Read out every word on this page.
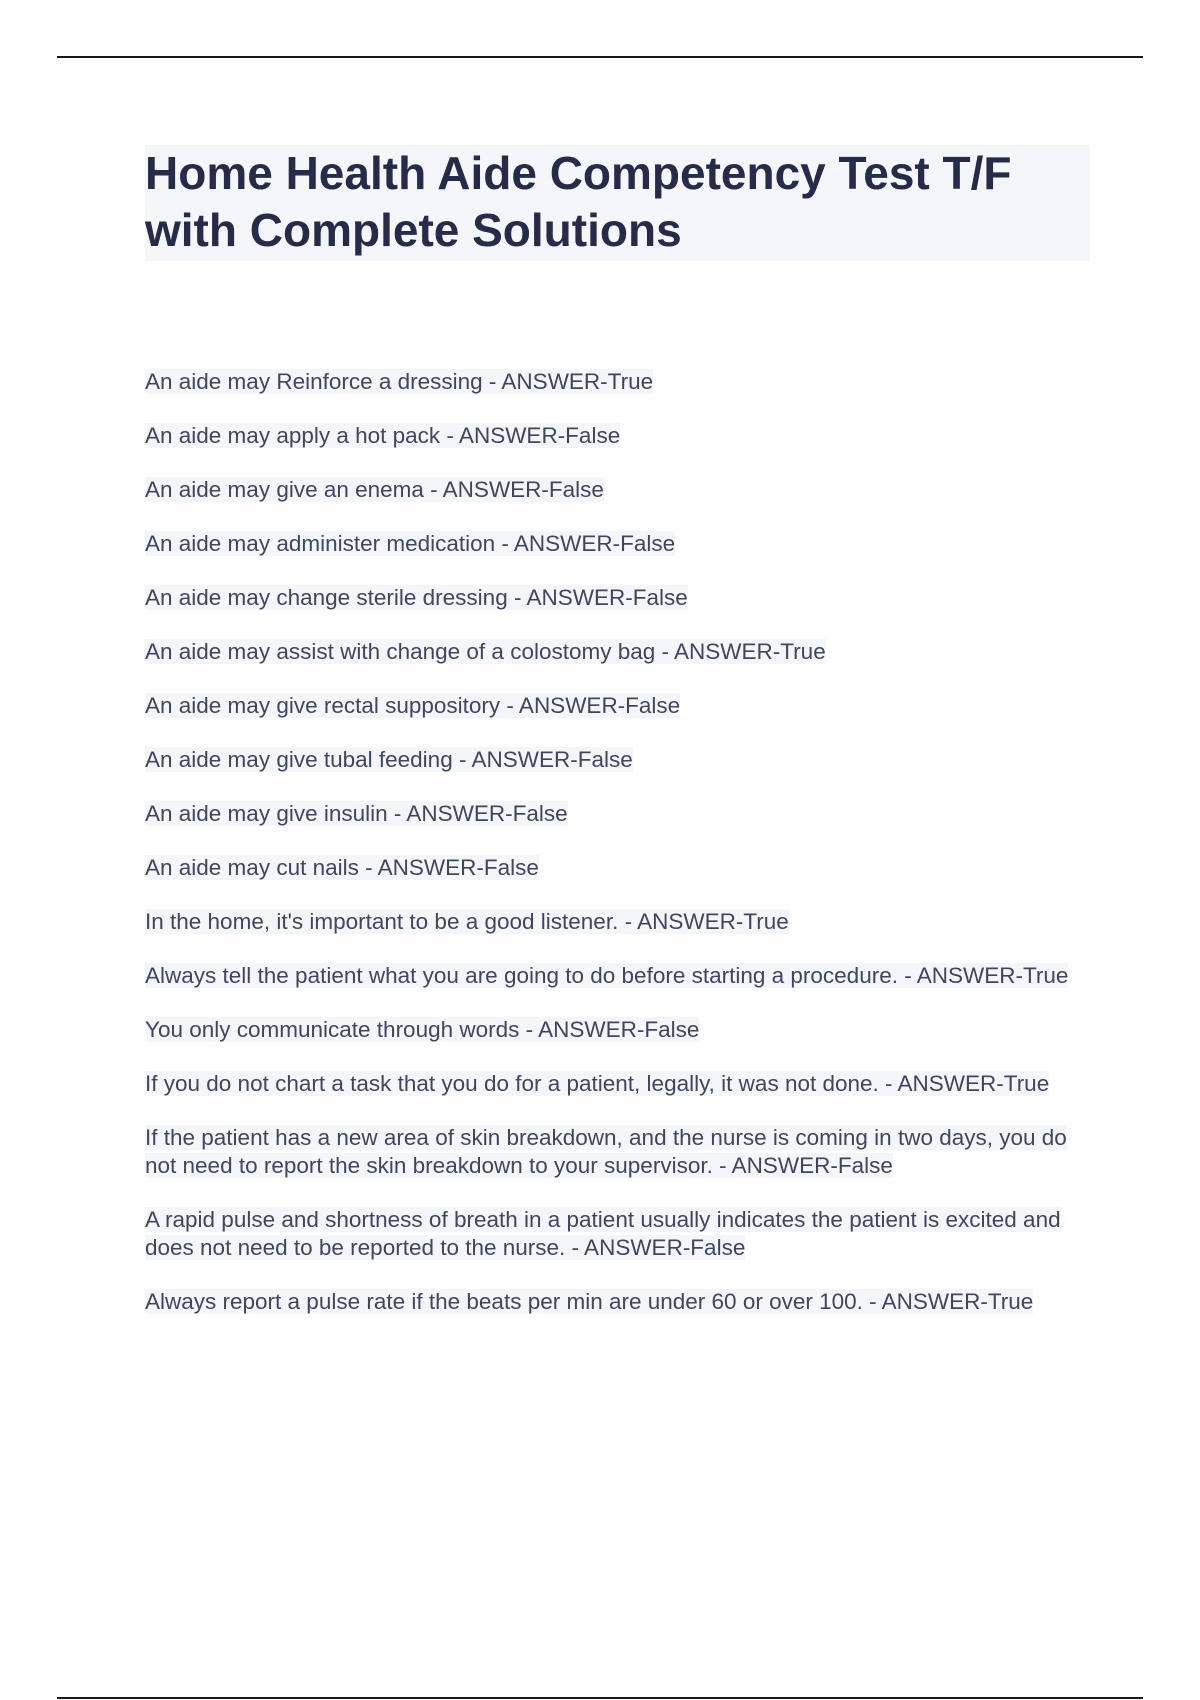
Home Health Aide Competency Test T/F with Complete Solutions
An aide may Reinforce a dressing - ANSWER-True
An aide may apply a hot pack - ANSWER-False
An aide may give an enema - ANSWER-False
An aide may administer medication - ANSWER-False
An aide may change sterile dressing - ANSWER-False
An aide may assist with change of a colostomy bag - ANSWER-True
An aide may give rectal suppository - ANSWER-False
An aide may give tubal feeding - ANSWER-False
An aide may give insulin - ANSWER-False
An aide may cut nails - ANSWER-False
In the home, it's important to be a good listener. - ANSWER-True
Always tell the patient what you are going to do before starting a procedure. - ANSWER-True
You only communicate through words - ANSWER-False
If you do not chart a task that you do for a patient, legally, it was not done. - ANSWER-True
If the patient has a new area of skin breakdown, and the nurse is coming in two days, you do not need to report the skin breakdown to your supervisor. - ANSWER-False
A rapid pulse and shortness of breath in a patient usually indicates the patient is excited and does not need to be reported to the nurse. - ANSWER-False
Always report a pulse rate if the beats per min are under 60 or over 100. - ANSWER-True
